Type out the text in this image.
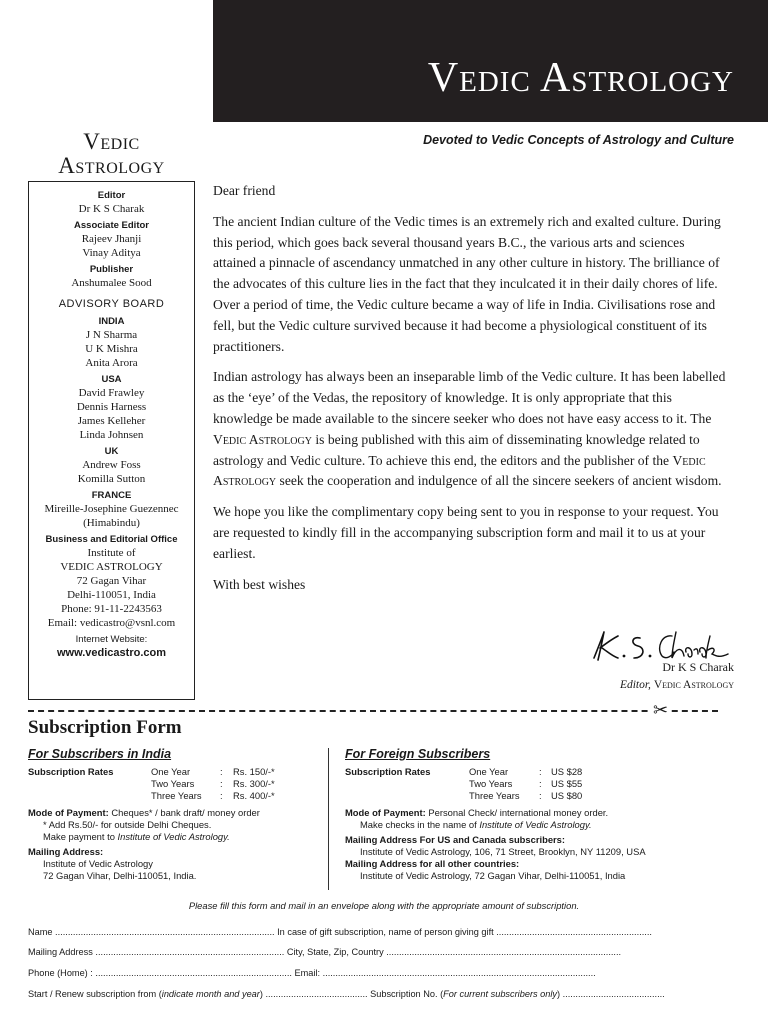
Vedic Astrology
Devoted to Vedic Concepts of Astrology and Culture
Vedic
Astrology
Editor
Dr K S Charak
Associate Editor
Rajeev Jhanji
Vinay Aditya
Publisher
Anshumalee Sood
ADVISORY BOARD
INDIA
J N Sharma
U K Mishra
Anita Arora
USA
David Frawley
Dennis Harness
James Kelleher
Linda Johnsen
UK
Andrew Foss
Komilla Sutton
FRANCE
Mireille-Josephine Guezennec
(Himabindu)
Business and Editorial Office
Institute of
VEDIC ASTROLOGY
72 Gagan Vihar
Delhi-110051, India
Phone: 91-11-2243563
Email: vedicastro@vsnl.com
Internet Website:
www.vedicastro.com

Dear friend

The ancient Indian culture of the Vedic times is an extremely rich and exalted culture. During this period, which goes back several thousand years B.C., the various arts and sciences attained a pinnacle of ascendancy unmatched in any other culture in history. The brilliance of the advocates of this culture lies in the fact that they inculcated it in their daily chores of life. Over a period of time, the Vedic culture became a way of life in India. Civilisations rose and fell, but the Vedic culture survived because it had become a physiological constituent of its practitioners.

Indian astrology has always been an inseparable limb of the Vedic culture. It has been labelled as the ‘eye’ of the Vedas, the repository of knowledge. It is only appropriate that this knowledge be made available to the sincere seeker who does not have easy access to it. The Vedic Astrology is being published with this aim of disseminating knowledge related to astrology and Vedic culture. To achieve this end, the editors and the publisher of the Vedic Astrology seek the cooperation and indulgence of all the sincere seekers of ancient wisdom.

We hope you like the complimentary copy being sent to you in response to your request. You are requested to kindly fill in the accompanying subscription form and mail it to us at your earliest.

With best wishes

Dr K S Charak
Editor, Vedic Astrology
✂
Subscription Form
For Subscribers in India
Subscription Rates	One Year
Two Years
Three Years
:
:
:
Rs. 150/-*
Rs. 300/-*
Rs. 400/-*
Mode of Payment: Cheques* / bank draft/ money order
* Add Rs.50/- for outside Delhi Cheques.
Make payment to Institute of Vedic Astrology.
Mailing Address:
Institute of Vedic Astrology
72 Gagan Vihar, Delhi-110051, India.
For Foreign Subscribers
Subscription Rates	One Year
Two Years
Three Years
:
:
:
US $28
US $55
US $80
Mode of Payment: Personal Check/ international money order.
Make checks in the name of Institute of Vedic Astrology.
Mailing Address For US and Canada subscribers:
Institute of Vedic Astrology, 106, 71 Street, Brooklyn, NY 11209, USA
Mailing Address for all other countries:
Institute of Vedic Astrology, 72 Gagan Vihar, Delhi-110051, India
Please fill this form and mail in an envelope along with the appropriate amount of subscription.
Name ...................................................................................... In case of gift subscription, name of person giving gift .............................................................
Mailing Address .......................................................................... City, State, Zip, Country ............................................................................................
Phone (Home) : ............................................................................. Email: ...........................................................................................................
Start / Renew subscription from (indicate month and year) ........................................ Subscription No. (For current subscribers only) ........................................
